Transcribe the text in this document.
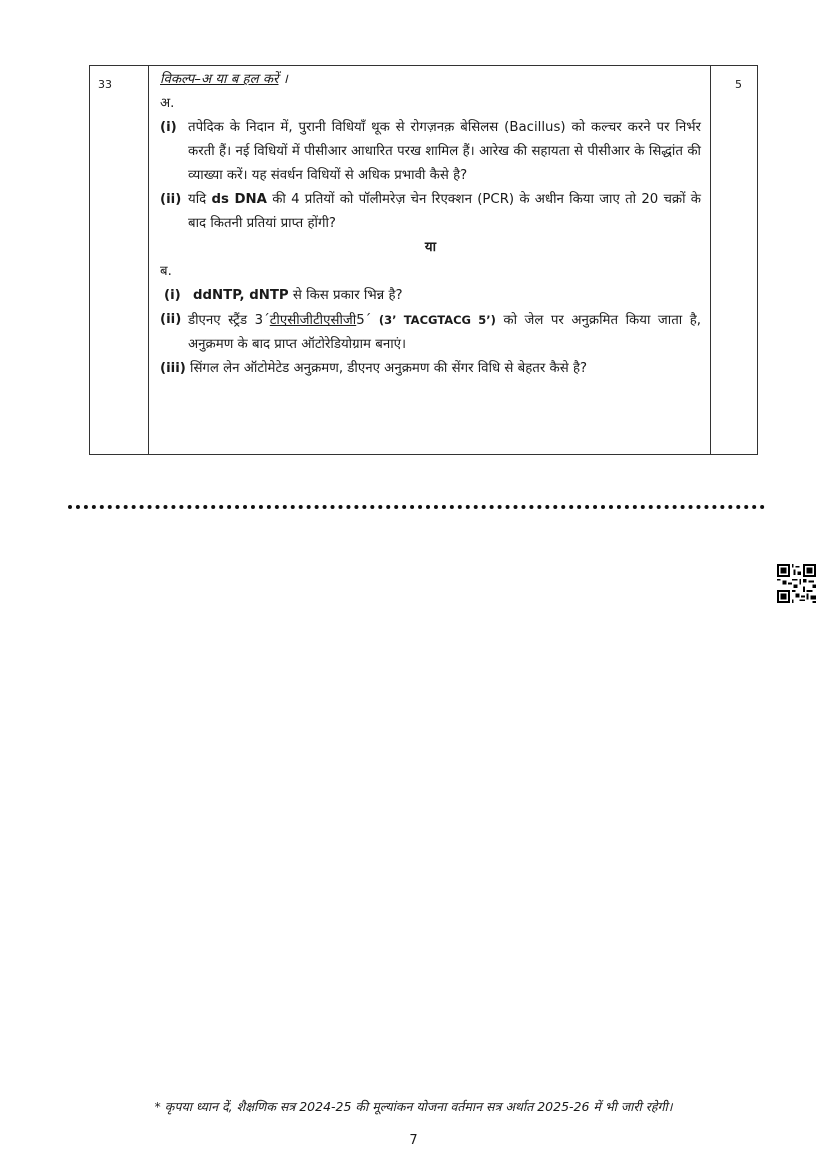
33	5
विकल्प–अ या ब हल करें ।
अ.
(i) तपेदिक के निदान में, पुरानी विधियाँ थूक से रोगज़नक़ बेसिलस (Bacillus) को कल्चर करने पर निर्भर करती हैं। नई विधियों में पीसीआर आधारित परख शामिल हैं। आरेख की सहायता से पीसीआर के सिद्धांत की व्याख्या करें। यह संवर्धन विधियों से अधिक प्रभावी कैसे है?
(ii) यदि ds DNA की 4 प्रतियों को पॉलीमरेज़ चेन रिएक्शन (PCR) के अधीन किया जाए तो 20 चक्रों के बाद कितनी प्रतियां प्राप्त होंगी?
या
ब.
(i) ddNTP, dNTP से किस प्रकार भिन्न है?
(ii) डीएनए स्ट्रैंड 3´टीएसीजीटीएसीजी5´ (3’ TACGTACG 5’) को जेल पर अनुक्रमित किया जाता है, अनुक्रमण के बाद प्राप्त ऑटोरेडियोग्राम बनाएं।
(iii) सिंगल लेन ऑटोमेटेड अनुक्रमण, डीएनए अनुक्रमण की सेंगर विधि से बेहतर कैसे है?
* कृपया ध्यान दें, शैक्षणिक सत्र 2024-25 की मूल्यांकन योजना वर्तमान सत्र अर्थात 2025-26 में भी जारी रहेगी।
7
